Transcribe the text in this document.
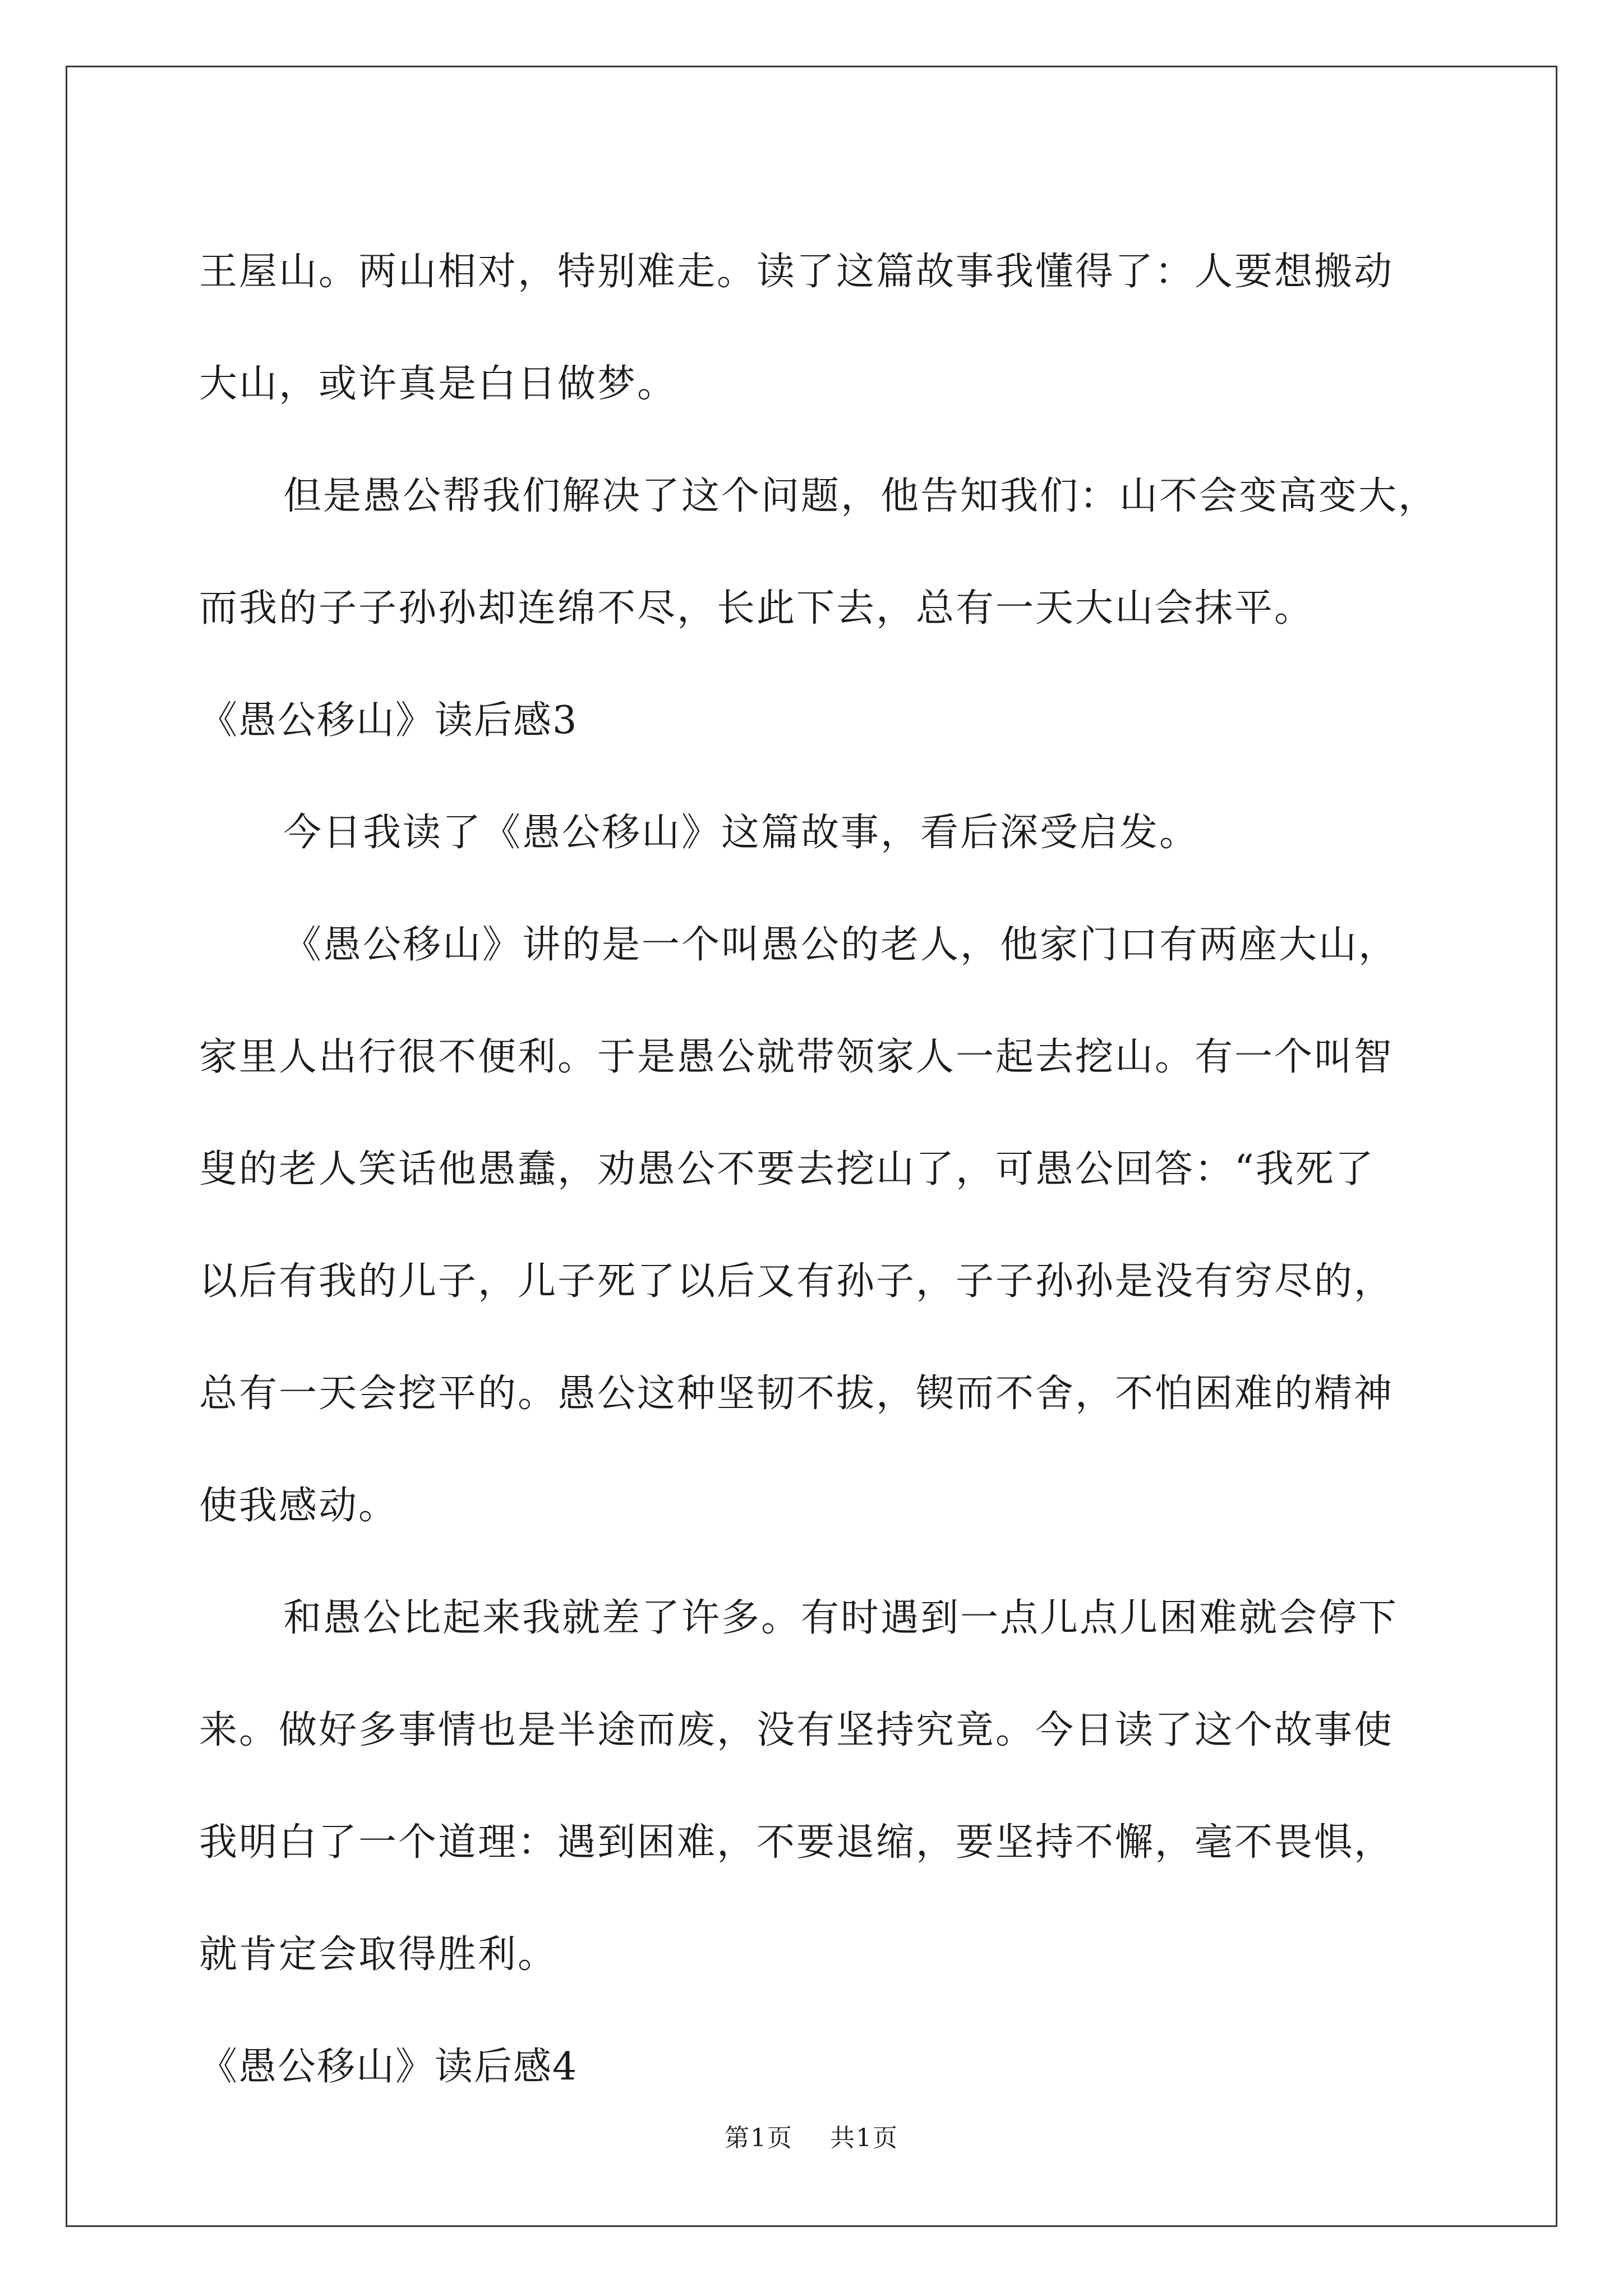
王屋山。两山相对，特别难走。读了这篇故事我懂得了：人要想搬动
大山，或许真是白日做梦。
但是愚公帮我们解决了这个问题，他告知我们：山不会变高变大，
而我的子子孙孙却连绵不尽，长此下去，总有一天大山会抹平。
《愚公移山》读后感3
今日我读了《愚公移山》这篇故事，看后深受启发。
《愚公移山》讲的是一个叫愚公的老人，他家门口有两座大山，
家里人出行很不便利。于是愚公就带领家人一起去挖山。有一个叫智
叟的老人笑话他愚蠢，劝愚公不要去挖山了，可愚公回答：“我死了
以后有我的儿子，儿子死了以后又有孙子，子子孙孙是没有穷尽的，
总有一天会挖平的。愚公这种坚韧不拔，锲而不舍，不怕困难的精神
使我感动。
和愚公比起来我就差了许多。有时遇到一点儿点儿困难就会停下
来。做好多事情也是半途而废，没有坚持究竟。今日读了这个故事使
我明白了一个道理：遇到困难，不要退缩，要坚持不懈，毫不畏惧，
就肯定会取得胜利。
《愚公移山》读后感4
第1页 共1页
